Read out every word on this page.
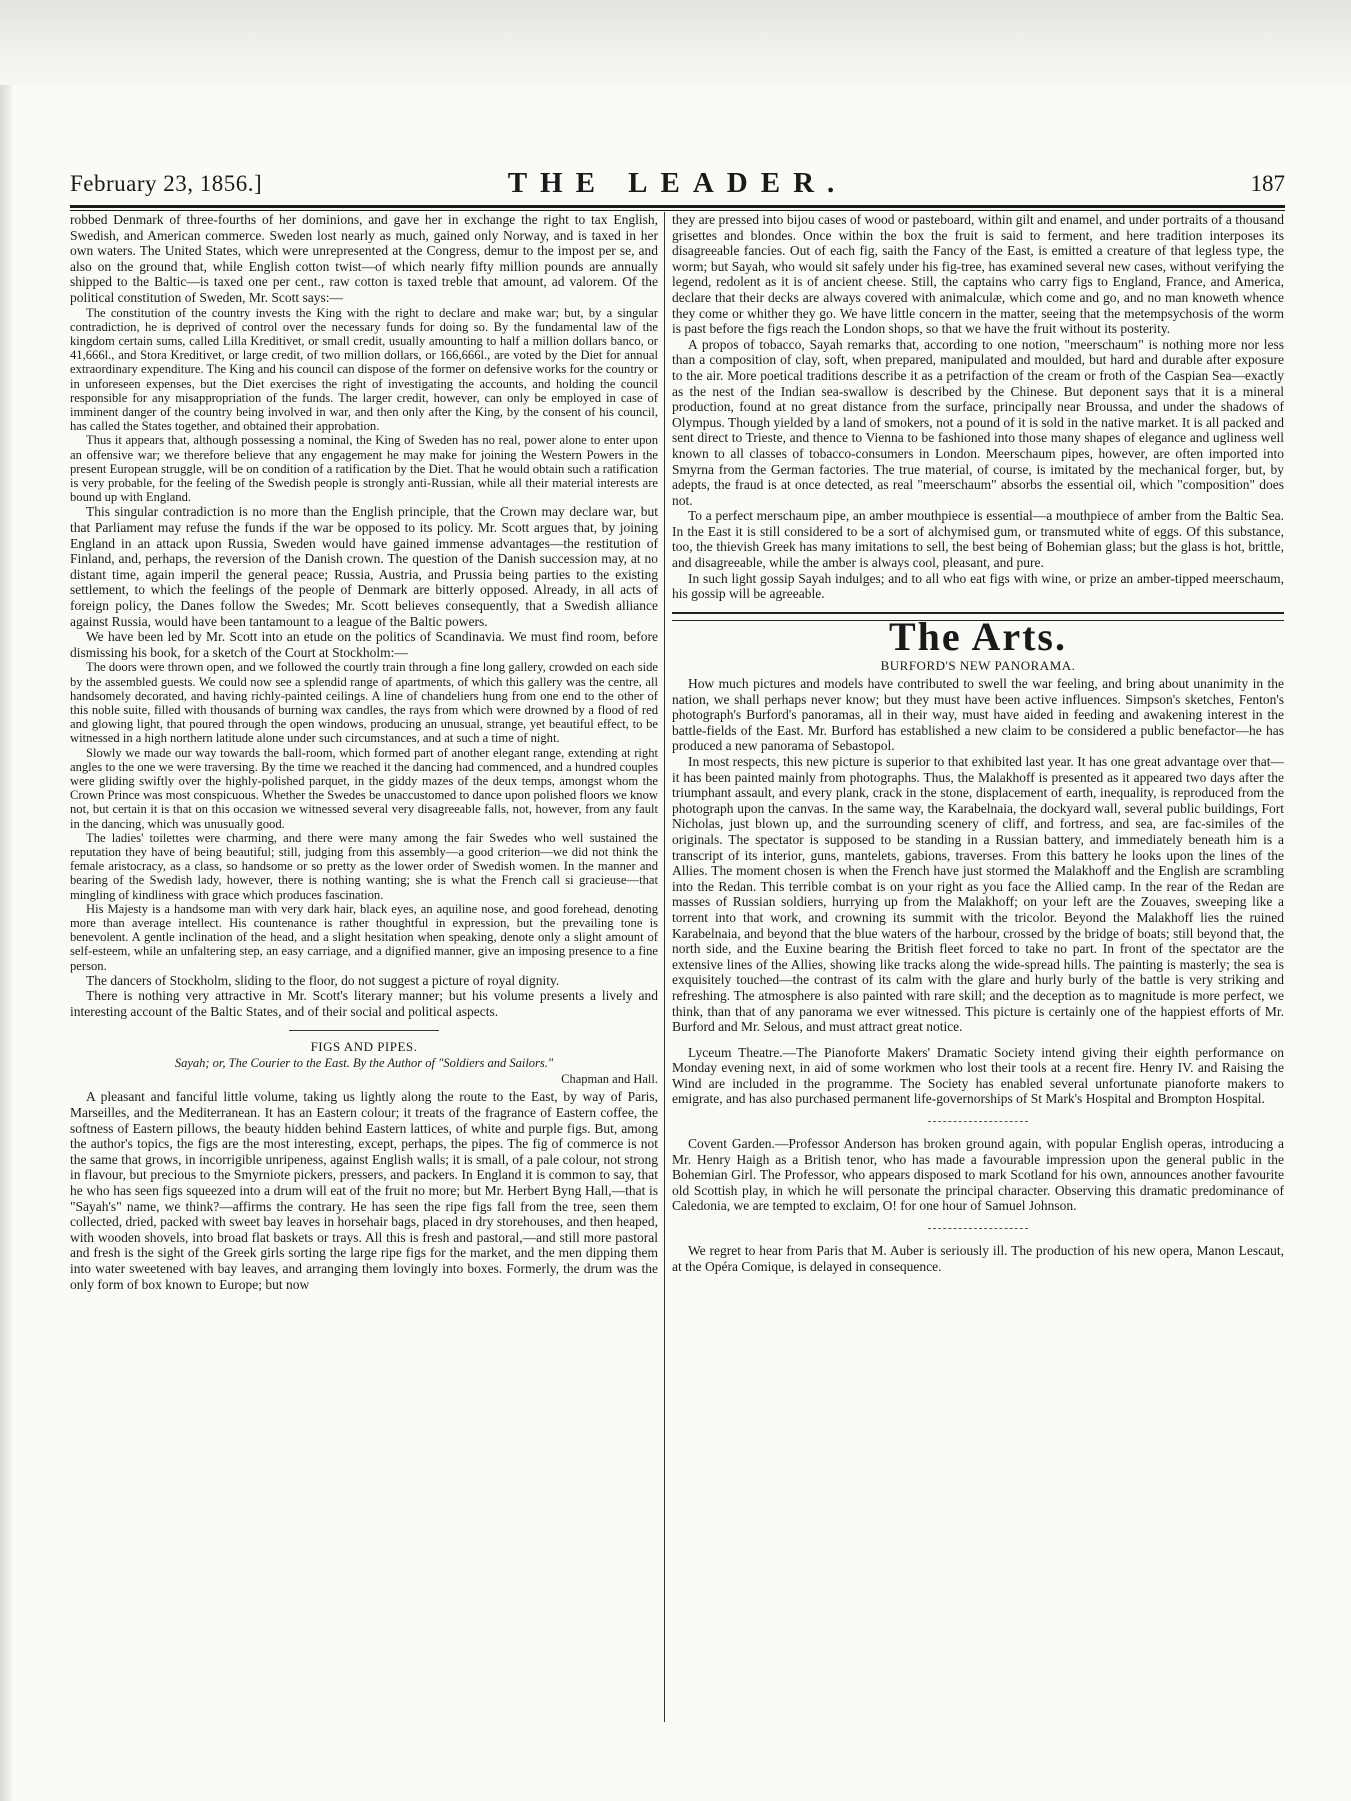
February 23, 1856.]	THE LEADER.	187

robbed Denmark of three-fourths of her dominions, and gave her in exchange the right to tax English, Swedish, and American commerce. Sweden lost nearly as much, gained only Norway, and is taxed in her own waters. The United States, which were unrepresented at the Congress, demur to the impost per se, and also on the ground that, while English cotton twist—of which nearly fifty million pounds are annually shipped to the Baltic—is taxed one per cent., raw cotton is taxed treble that amount, ad valorem. Of the political constitution of Sweden, Mr. Scott says:—

The constitution of the country invests the King with the right to declare and make war; but, by a singular contradiction, he is deprived of control over the necessary funds for doing so. By the fundamental law of the kingdom certain sums, called Lilla Kreditivet, or small credit, usually amounting to half a million dollars banco, or 41,666l., and Stora Kreditivet, or large credit, of two million dollars, or 166,666l., are voted by the Diet for annual extraordinary expenditure. The King and his council can dispose of the former on defensive works for the country or in unforeseen expenses, but the Diet exercises the right of investigating the accounts, and holding the council responsible for any misappropriation of the funds. The larger credit, however, can only be employed in case of imminent danger of the country being involved in war, and then only after the King, by the consent of his council, has called the States together, and obtained their approbation.

Thus it appears that, although possessing a nominal, the King of Sweden has no real, power alone to enter upon an offensive war; we therefore believe that any engagement he may make for joining the Western Powers in the present European struggle, will be on condition of a ratification by the Diet. That he would obtain such a ratification is very probable, for the feeling of the Swedish people is strongly anti-Russian, while all their material interests are bound up with England.

This singular contradiction is no more than the English principle, that the Crown may declare war, but that Parliament may refuse the funds if the war be opposed to its policy. Mr. Scott argues that, by joining England in an attack upon Russia, Sweden would have gained immense advantages—the restitution of Finland, and, perhaps, the reversion of the Danish crown. The question of the Danish succession may, at no distant time, again imperil the general peace; Russia, Austria, and Prussia being parties to the existing settlement, to which the feelings of the people of Denmark are bitterly opposed. Already, in all acts of foreign policy, the Danes follow the Swedes; Mr. Scott believes consequently, that a Swedish alliance against Russia, would have been tantamount to a league of the Baltic powers.

We have been led by Mr. Scott into an etude on the politics of Scandinavia. We must find room, before dismissing his book, for a sketch of the Court at Stockholm:—

The doors were thrown open, and we followed the courtly train through a fine long gallery, crowded on each side by the assembled guests. We could now see a splendid range of apartments, of which this gallery was the centre, all handsomely decorated, and having richly-painted ceilings. A line of chandeliers hung from one end to the other of this noble suite, filled with thousands of burning wax candles, the rays from which were drowned by a flood of red and glowing light, that poured through the open windows, producing an unusual, strange, yet beautiful effect, to be witnessed in a high northern latitude alone under such circumstances, and at such a time of night.

Slowly we made our way towards the ball-room, which formed part of another elegant range, extending at right angles to the one we were traversing. By the time we reached it the dancing had commenced, and a hundred couples were gliding swiftly over the highly-polished parquet, in the giddy mazes of the deux temps, amongst whom the Crown Prince was most conspicuous. Whether the Swedes be unaccustomed to dance upon polished floors we know not, but certain it is that on this occasion we witnessed several very disagreeable falls, not, however, from any fault in the dancing, which was unusually good.

The ladies' toilettes were charming, and there were many among the fair Swedes who well sustained the reputation they have of being beautiful; still, judging from this assembly—a good criterion—we did not think the female aristocracy, as a class, so handsome or so pretty as the lower order of Swedish women. In the manner and bearing of the Swedish lady, however, there is nothing wanting; she is what the French call si gracieuse—that mingling of kindliness with grace which produces fascination.

His Majesty is a handsome man with very dark hair, black eyes, an aquiline nose, and good forehead, denoting more than average intellect. His countenance is rather thoughtful in expression, but the prevailing tone is benevolent. A gentle inclination of the head, and a slight hesitation when speaking, denote only a slight amount of self-esteem, while an unfaltering step, an easy carriage, and a dignified manner, give an imposing presence to a fine person.

The dancers of Stockholm, sliding to the floor, do not suggest a picture of royal dignity.

There is nothing very attractive in Mr. Scott's literary manner; but his volume presents a lively and interesting account of the Baltic States, and of their social and political aspects.

FIGS AND PIPES.
Sayah; or, The Courier to the East. By the Author of "Soldiers and Sailors."
Chapman and Hall.

A pleasant and fanciful little volume, taking us lightly along the route to the East, by way of Paris, Marseilles, and the Mediterranean. It has an Eastern colour; it treats of the fragrance of Eastern coffee, the softness of Eastern pillows, the beauty hidden behind Eastern lattices, of white and purple figs. But, among the author's topics, the figs are the most interesting, except, perhaps, the pipes. The fig of commerce is not the same that grows, in incorrigible unripeness, against English walls; it is small, of a pale colour, not strong in flavour, but precious to the Smyrniote pickers, pressers, and packers. In England it is common to say, that he who has seen figs squeezed into a drum will eat of the fruit no more; but Mr. Herbert Byng Hall,—that is "Sayah's" name, we think?—affirms the contrary. He has seen the ripe figs fall from the tree, seen them collected, dried, packed with sweet bay leaves in horsehair bags, placed in dry storehouses, and then heaped, with wooden shovels, into broad flat baskets or trays. All this is fresh and pastoral,—and still more pastoral and fresh is the sight of the Greek girls sorting the large ripe figs for the market, and the men dipping them into water sweetened with bay leaves, and arranging them lovingly into boxes. Formerly, the drum was the only form of box known to Europe; but now

they are pressed into bijou cases of wood or pasteboard, within gilt and enamel, and under portraits of a thousand grisettes and blondes. Once within the box the fruit is said to ferment, and here tradition interposes its disagreeable fancies. Out of each fig, saith the Fancy of the East, is emitted a creature of that legless type, the worm; but Sayah, who would sit safely under his fig-tree, has examined several new cases, without verifying the legend, redolent as it is of ancient cheese. Still, the captains who carry figs to England, France, and America, declare that their decks are always covered with animalculæ, which come and go, and no man knoweth whence they come or whither they go. We have little concern in the matter, seeing that the metempsychosis of the worm is past before the figs reach the London shops, so that we have the fruit without its posterity.

A propos of tobacco, Sayah remarks that, according to one notion, "meerschaum" is nothing more nor less than a composition of clay, soft, when prepared, manipulated and moulded, but hard and durable after exposure to the air. More poetical traditions describe it as a petrifaction of the cream or froth of the Caspian Sea—exactly as the nest of the Indian sea-swallow is described by the Chinese. But deponent says that it is a mineral production, found at no great distance from the surface, principally near Broussa, and under the shadows of Olympus. Though yielded by a land of smokers, not a pound of it is sold in the native market. It is all packed and sent direct to Trieste, and thence to Vienna to be fashioned into those many shapes of elegance and ugliness well known to all classes of tobacco-consumers in London. Meerschaum pipes, however, are often imported into Smyrna from the German factories. The true material, of course, is imitated by the mechanical forger, but, by adepts, the fraud is at once detected, as real "meerschaum" absorbs the essential oil, which "composition" does not.

To a perfect merschaum pipe, an amber mouthpiece is essential—a mouthpiece of amber from the Baltic Sea. In the East it is still considered to be a sort of alchymised gum, or transmuted white of eggs. Of this substance, too, the thievish Greek has many imitations to sell, the best being of Bohemian glass; but the glass is hot, brittle, and disagreeable, while the amber is always cool, pleasant, and pure.

In such light gossip Sayah indulges; and to all who eat figs with wine, or prize an amber-tipped meerschaum, his gossip will be agreeable.

The Arts.
BURFORD'S NEW PANORAMA.

How much pictures and models have contributed to swell the war feeling, and bring about unanimity in the nation, we shall perhaps never know; but they must have been active influences. Simpson's sketches, Fenton's photograph's Burford's panoramas, all in their way, must have aided in feeding and awakening interest in the battle-fields of the East. Mr. Burford has established a new claim to be considered a public benefactor—he has produced a new panorama of Sebastopol.

In most respects, this new picture is superior to that exhibited last year. It has one great advantage over that—it has been painted mainly from photographs. Thus, the Malakhoff is presented as it appeared two days after the triumphant assault, and every plank, crack in the stone, displacement of earth, inequality, is reproduced from the photograph upon the canvas. In the same way, the Karabelnaia, the dockyard wall, several public buildings, Fort Nicholas, just blown up, and the surrounding scenery of cliff, and fortress, and sea, are fac-similes of the originals. The spectator is supposed to be standing in a Russian battery, and immediately beneath him is a transcript of its interior, guns, mantelets, gabions, traverses. From this battery he looks upon the lines of the Allies. The moment chosen is when the French have just stormed the Malakhoff and the English are scrambling into the Redan. This terrible combat is on your right as you face the Allied camp. In the rear of the Redan are masses of Russian soldiers, hurrying up from the Malakhoff; on your left are the Zouaves, sweeping like a torrent into that work, and crowning its summit with the tricolor. Beyond the Malakhoff lies the ruined Karabelnaia, and beyond that the blue waters of the harbour, crossed by the bridge of boats; still beyond that, the north side, and the Euxine bearing the British fleet forced to take no part. In front of the spectator are the extensive lines of the Allies, showing like tracks along the wide-spread hills. The painting is masterly; the sea is exquisitely touched—the contrast of its calm with the glare and hurly burly of the battle is very striking and refreshing. The atmosphere is also painted with rare skill; and the deception as to magnitude is more perfect, we think, than that of any panorama we ever witnessed. This picture is certainly one of the happiest efforts of Mr. Burford and Mr. Selous, and must attract great notice.

Lyceum Theatre.—The Pianoforte Makers' Dramatic Society intend giving their eighth performance on Monday evening next, in aid of some workmen who lost their tools at a recent fire. Henry IV. and Raising the Wind are included in the programme. The Society has enabled several unfortunate pianoforte makers to emigrate, and has also purchased permanent life-governorships of St Mark's Hospital and Brompton Hospital.

Covent Garden.—Professor Anderson has broken ground again, with popular English operas, introducing a Mr. Henry Haigh as a British tenor, who has made a favourable impression upon the general public in the Bohemian Girl. The Professor, who appears disposed to mark Scotland for his own, announces another favourite old Scottish play, in which he will personate the principal character. Observing this dramatic predominance of Caledonia, we are tempted to exclaim, O! for one hour of Samuel Johnson.

We regret to hear from Paris that M. Auber is seriously ill. The production of his new opera, Manon Lescaut, at the Opéra Comique, is delayed in consequence.
